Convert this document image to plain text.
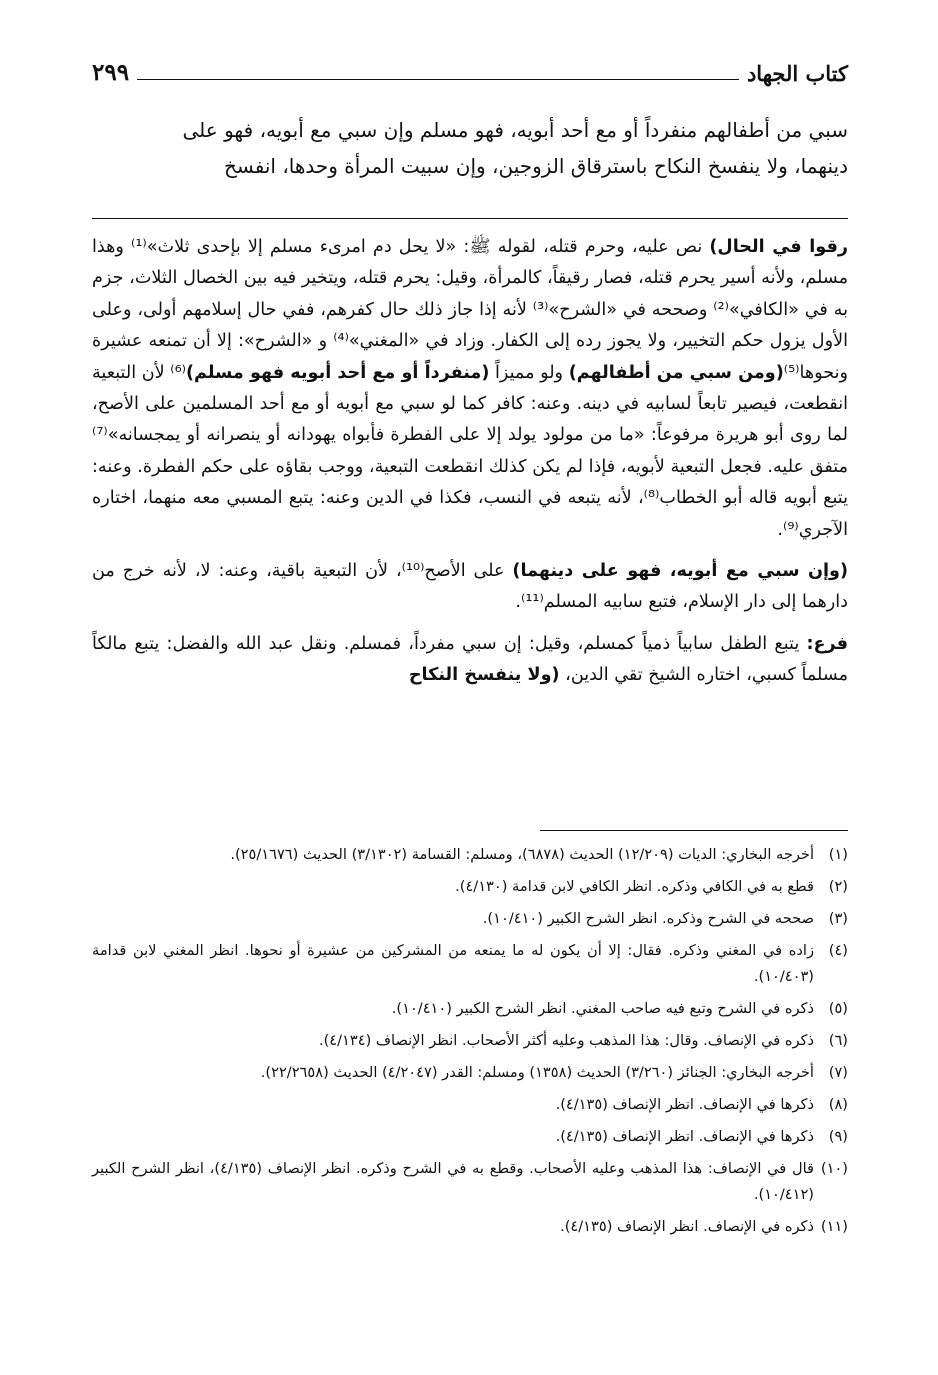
كتاب الجهاد
٢٩٩

سبي من أطفالهم منفرداً أو مع أحد أبويه، فهو مسلم وإن سبي مع أبويه، فهو على

دينهما، ولا ينفسخ النكاح باسترقاق الزوجين، وإن سبيت المرأة وحدها، انفسخ

رقوا في الحال) نص عليه، وحرم قتله، لقوله ﷺ: «لا يحل دم امرىء مسلم إلا بإحدى ثلاث»⁽¹⁾ وهذا مسلم، ولأنه أسير يحرم قتله، فصار رقيقاً، كالمرأة، وقيل: يحرم قتله، ويتخير فيه بين الخصال الثلاث، جزم به في «الكافي»⁽²⁾ وصححه في «الشرح»⁽³⁾ لأنه إذا جاز ذلك حال كفرهم، ففي حال إسلامهم أولى، وعلى الأول يزول حكم التخيير، ولا يجوز رده إلى الكفار. وزاد في «المغني»⁽⁴⁾ و «الشرح»: إلا أن تمنعه عشيرة ونحوها⁽⁵⁾(ومن سبي من أطفالهم) ولو مميزاً (منفرداً أو مع أحد أبويه فهو مسلم)⁽⁶⁾ لأن التبعية انقطعت، فيصير تابعاً لسابيه في دينه. وعنه: كافر كما لو سبي مع أبويه أو مع أحد المسلمين على الأصح، لما روى أبو هريرة مرفوعاً: «ما من مولود يولد إلا على الفطرة فأبواه يهودانه أو ينصرانه أو يمجسانه»⁽⁷⁾ متفق عليه. فجعل التبعية لأبويه، فإذا لم يكن كذلك انقطعت التبعية، ووجب بقاؤه على حكم الفطرة. وعنه: يتبع أبويه قاله أبو الخطاب⁽⁸⁾، لأنه يتبعه في النسب، فكذا في الدين وعنه: يتبع المسبي معه منهما، اختاره الآجري⁽⁹⁾.

(وإن سبي مع أبويه، فهو على دينهما) على الأصح⁽¹⁰⁾، لأن التبعية باقية، وعنه: لا، لأنه خرج من دارهما إلى دار الإسلام، فتبع سابيه المسلم⁽¹¹⁾.

فرع: يتبع الطفل سابياً ذمياً كمسلم، وقيل: إن سبي مفرداً، فمسلم. ونقل عبد الله والفضل: يتبع مالكاً مسلماً كسبي، اختاره الشيخ تقي الدين، (ولا ينفسخ النكاح

(١)
أخرجه البخاري: الديات (١٢/٢٠٩) الحديث (٦٨٧٨)، ومسلم: القسامة (٣/١٣٠٢) الحديث (٢٥/١٦٧٦).
(٢)
قطع به في الكافي وذكره. انظر الكافي لابن قدامة (٤/١٣٠).
(٣)
صححه في الشرح وذكره. انظر الشرح الكبير (١٠/٤١٠).
(٤)
زاده في المغني وذكره. فقال: إلا أن يكون له ما يمنعه من المشركين من عشيرة أو نحوها. انظر المغني لابن قدامة (١٠/٤٠٣).
(٥)
ذكره في الشرح وتبع فيه صاحب المغني. انظر الشرح الكبير (١٠/٤١٠).
(٦)
ذكره في الإنصاف. وقال: هذا المذهب وعليه أكثر الأصحاب. انظر الإنصاف (٤/١٣٤).
(٧)
أخرجه البخاري: الجنائز (٣/٢٦٠) الحديث (١٣٥٨) ومسلم: القدر (٤/٢٠٤٧) الحديث (٢٢/٢٦٥٨).
(٨)
ذكرها في الإنصاف. انظر الإنصاف (٤/١٣٥).
(٩)
ذكرها في الإنصاف. انظر الإنصاف (٤/١٣٥).
(١٠)
قال في الإنصاف: هذا المذهب وعليه الأصحاب. وقطع به في الشرح وذكره. انظر الإنصاف (٤/١٣٥)، انظر الشرح الكبير (١٠/٤١٢).
(١١)
ذكره في الإنصاف. انظر الإنصاف (٤/١٣٥).
